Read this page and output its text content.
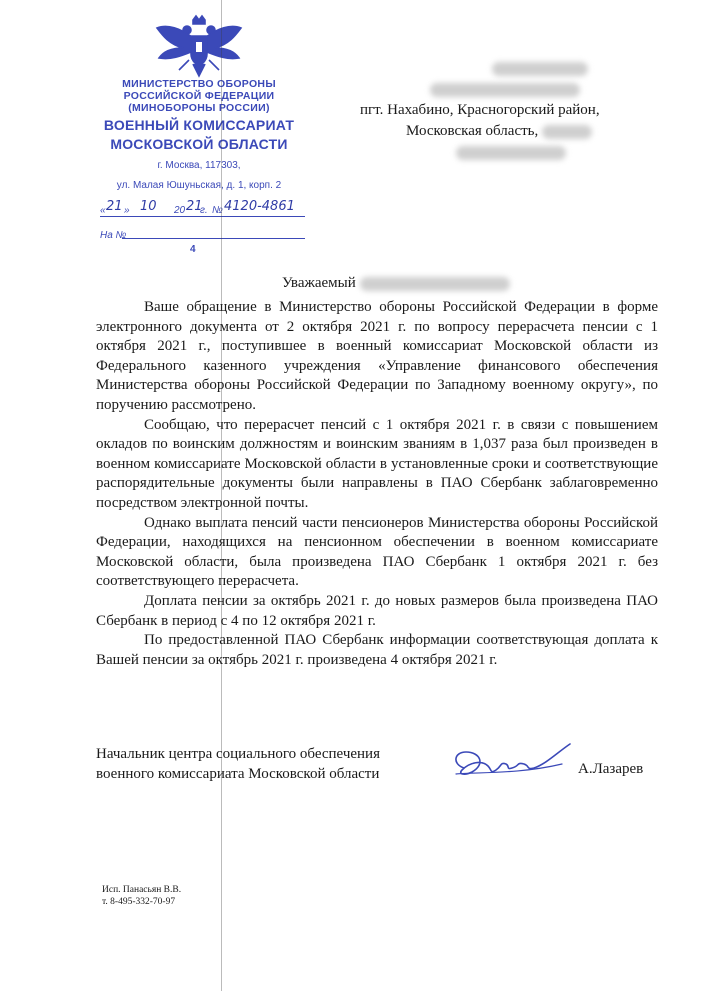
МИНИСТЕРСТВО ОБОРОНЫ
РОССИЙСКОЙ ФЕДЕРАЦИИ
(МИНОБОРОНЫ РОССИИ)
ВОЕННЫЙ КОМИССАРИАТ
МОСКОВСКОЙ ОБЛАСТИ
г. Москва, 117303,
ул. Малая Юшуньская, д. 1, корп. 2
« 21 » 10 20 21
г. № 4120-4861
На №
4
пгт. Нахабино, Красногорский район,
Московская область,
Уважаемый

Ваше обращение в Министерство обороны Российской Федерации в форме электронного документа от 2 октября 2021 г. по вопросу перерасчета пенсии с 1 октября 2021 г., поступившее в военный комиссариат Московской области из Федерального казенного учреждения «Управление финансового обеспечения Министерства обороны Российской Федерации по Западному военному округу», по поручению рассмотрено.

Сообщаю, что перерасчет пенсий с 1 октября 2021 г. в связи с повышением окладов по воинским должностям и воинским званиям в 1,037 раза был произведен в военном комиссариате Московской области в установленные сроки и соответствующие распорядительные документы были направлены в ПАО Сбербанк заблаговременно посредством электронной почты.

Однако выплата пенсий части пенсионеров Министерства обороны Российской Федерации, находящихся на пенсионном обеспечении в военном комиссариате Московской области, была произведена ПАО Сбербанк 1 октября 2021 г. без соответствующего перерасчета.

Доплата пенсии за октябрь 2021 г. до новых размеров была произведена ПАО Сбербанк в период с 4 по 12 октября 2021 г.

По предоставленной ПАО Сбербанк информации соответствующая доплата к Вашей пенсии за октябрь 2021 г. произведена 4 октября 2021 г.

Начальник центра социального обеспечения
военного комиссариата Московской области	А.Лазарев
Исп. Панасьян В.В.
т. 8-495-332-70-97
